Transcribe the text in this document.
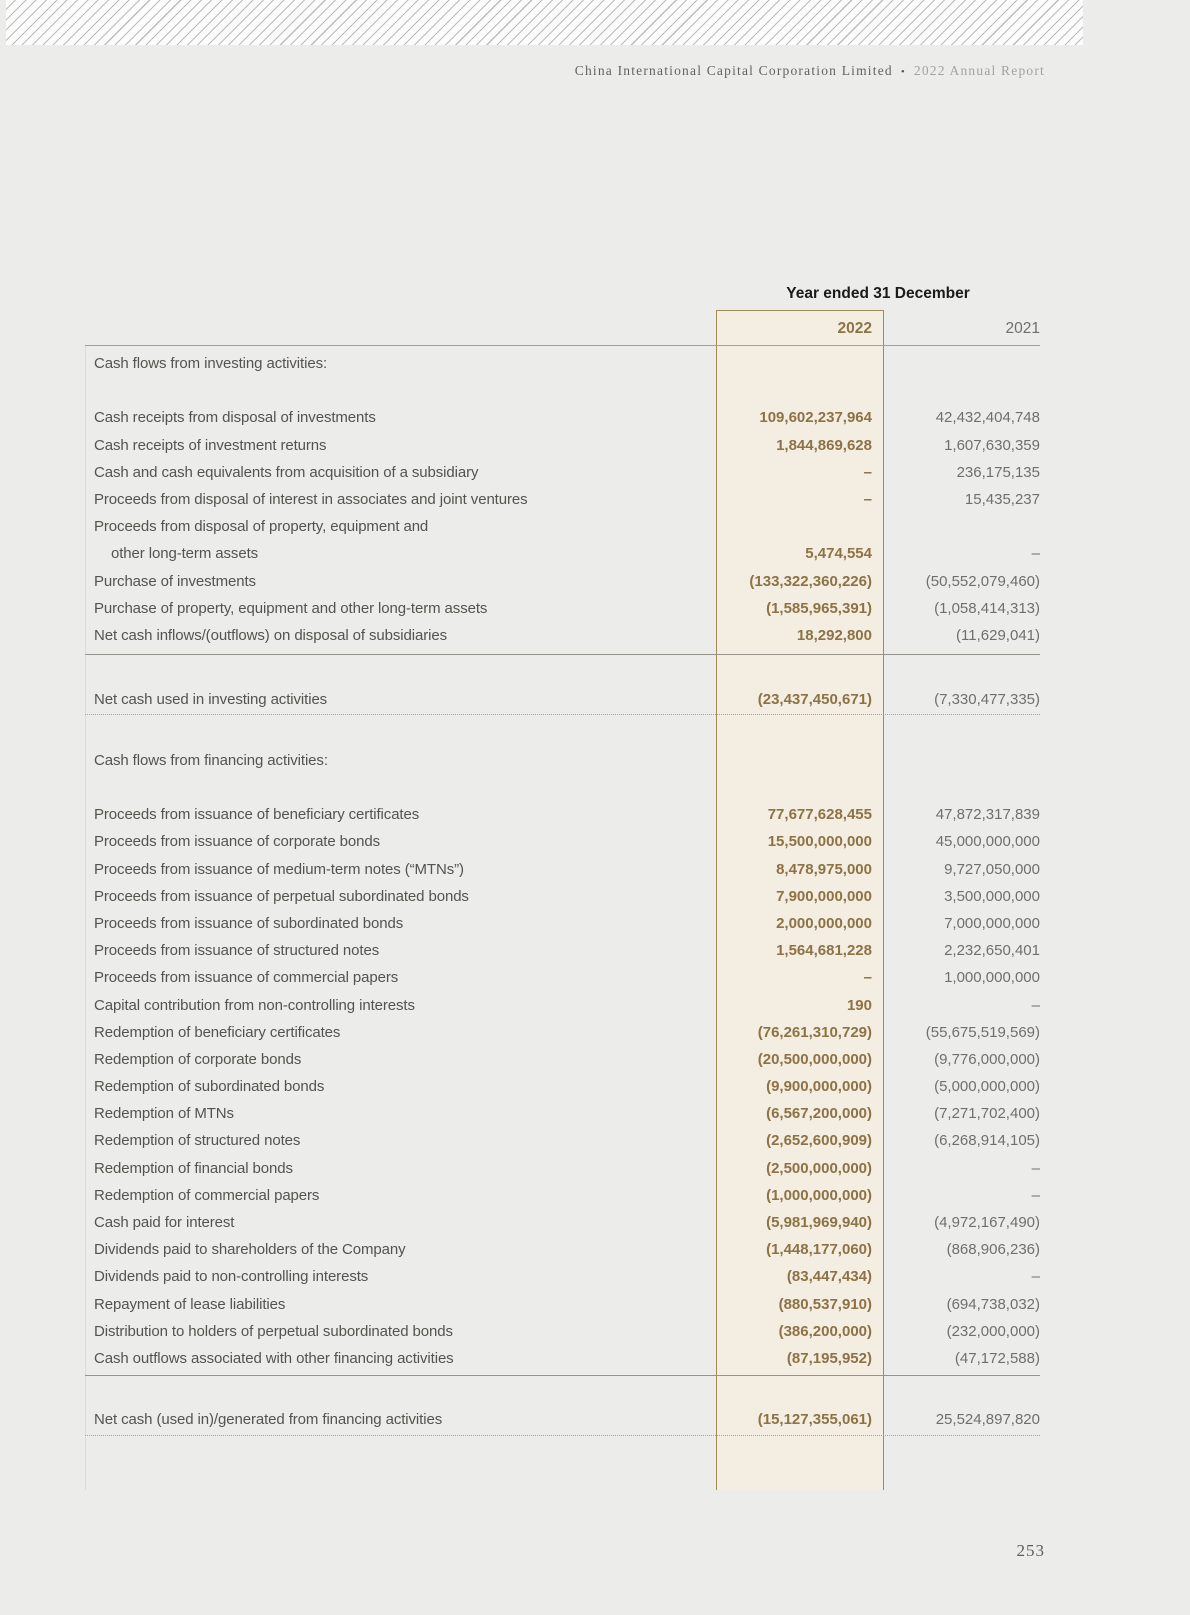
China International Capital Corporation Limited • 2022 Annual Report
Year ended 31 December
2022	2021
Cash flows from investing activities:
Cash receipts from disposal of investments	109,602,237,964	42,432,404,748
Cash receipts of investment returns	1,844,869,628	1,607,630,359
Cash and cash equivalents from acquisition of a subsidiary	–	236,175,135
Proceeds from disposal of interest in associates and joint ventures	–	15,435,237
Proceeds from disposal of property, equipment and
other long-term assets	5,474,554	–
Purchase of investments	(133,322,360,226)	(50,552,079,460)
Purchase of property, equipment and other long-term assets	(1,585,965,391)	(1,058,414,313)
Net cash inflows/(outflows) on disposal of subsidiaries	18,292,800	(11,629,041)
Net cash used in investing activities	(23,437,450,671)	(7,330,477,335)
Cash flows from financing activities:
Proceeds from issuance of beneficiary certificates	77,677,628,455	47,872,317,839
Proceeds from issuance of corporate bonds	15,500,000,000	45,000,000,000
Proceeds from issuance of medium-term notes (“MTNs”)	8,478,975,000	9,727,050,000
Proceeds from issuance of perpetual subordinated bonds	7,900,000,000	3,500,000,000
Proceeds from issuance of subordinated bonds	2,000,000,000	7,000,000,000
Proceeds from issuance of structured notes	1,564,681,228	2,232,650,401
Proceeds from issuance of commercial papers	–	1,000,000,000
Capital contribution from non-controlling interests	190	–
Redemption of beneficiary certificates	(76,261,310,729)	(55,675,519,569)
Redemption of corporate bonds	(20,500,000,000)	(9,776,000,000)
Redemption of subordinated bonds	(9,900,000,000)	(5,000,000,000)
Redemption of MTNs	(6,567,200,000)	(7,271,702,400)
Redemption of structured notes	(2,652,600,909)	(6,268,914,105)
Redemption of financial bonds	(2,500,000,000)	–
Redemption of commercial papers	(1,000,000,000)	–
Cash paid for interest	(5,981,969,940)	(4,972,167,490)
Dividends paid to shareholders of the Company	(1,448,177,060)	(868,906,236)
Dividends paid to non-controlling interests	(83,447,434)	–
Repayment of lease liabilities	(880,537,910)	(694,738,032)
Distribution to holders of perpetual subordinated bonds	(386,200,000)	(232,000,000)
Cash outflows associated with other financing activities	(87,195,952)	(47,172,588)
Net cash (used in)/generated from financing activities	(15,127,355,061)	25,524,897,820
253
